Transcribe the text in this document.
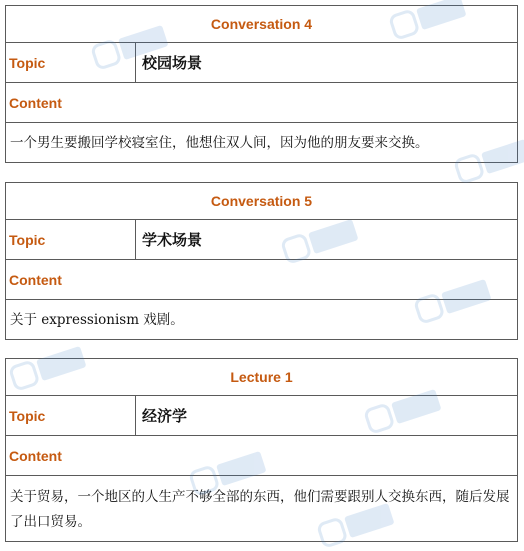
Conversation 4
Topic	校园场景
Content
一个男生要搬回学校寝室住，他想住双人间，因为他的朋友要来交换。
Conversation 5
Topic	学术场景
Content
关于 expressionism 戏剧。
Lecture 1
Topic	经济学
Content
关于贸易，一个地区的人生产不够全部的东西，他们需要跟别人交换东西，随后发展了出口贸易。
